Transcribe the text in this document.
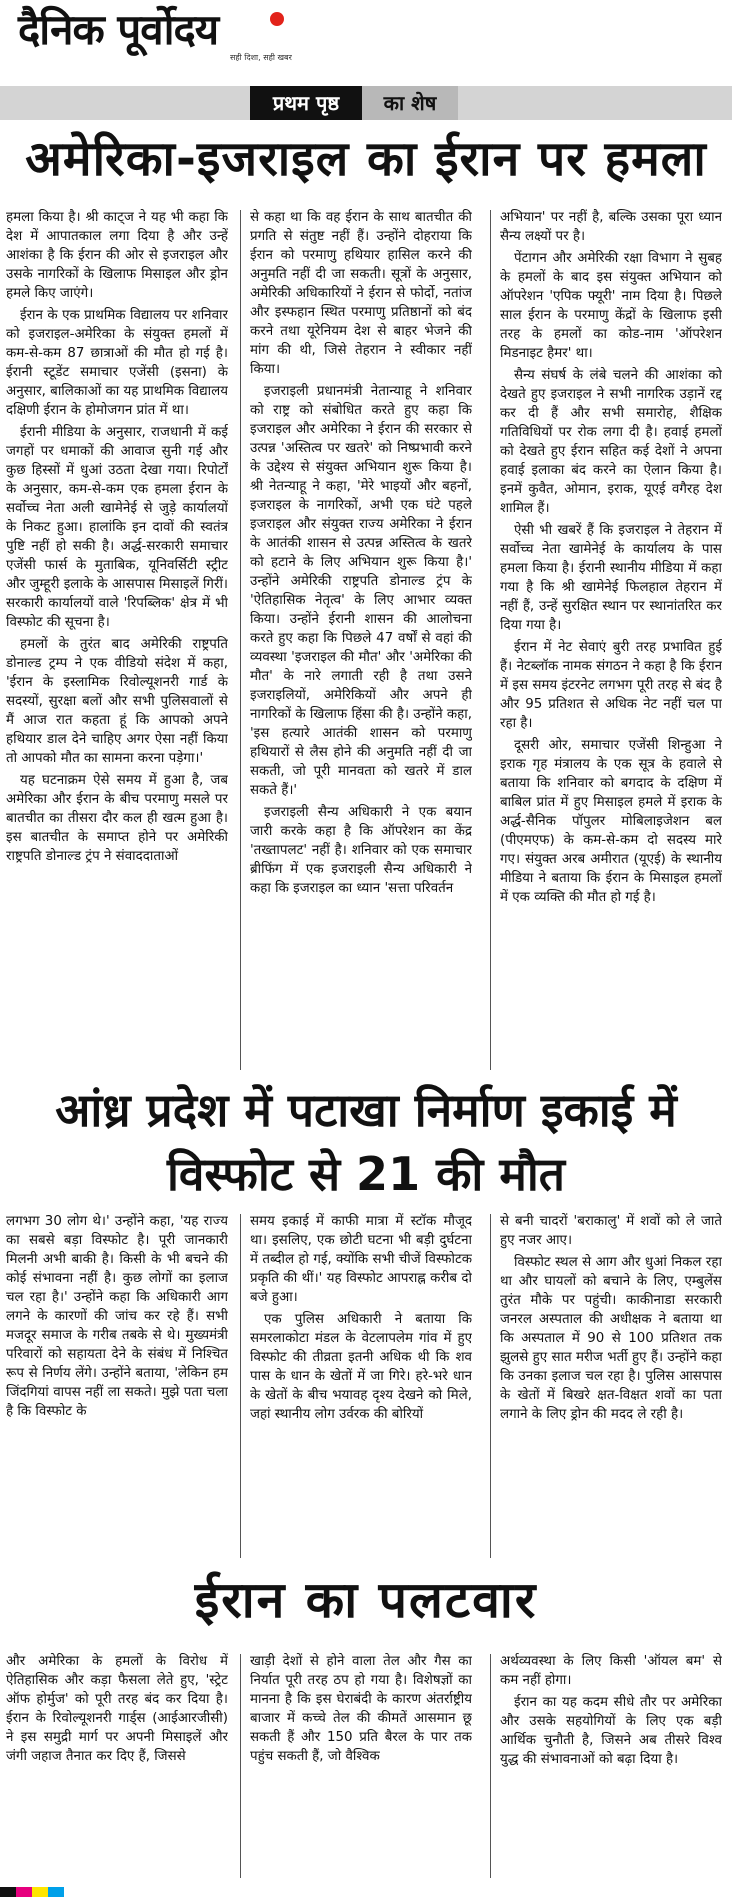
दैनिक पूर्वोदय
सही दिशा, सही खबर
प्रथम पृष्ठ	का शेष
अमेरिका-इजराइल का ईरान पर हमला

हमला किया है। श्री काट्ज ने यह भी कहा कि देश में आपातकाल लगा दिया है और उन्हें आशंका है कि ईरान की ओर से इजराइल और उसके नागरिकों के खिलाफ मिसाइल और ड्रोन हमले किए जाएंगे।

ईरान के एक प्राथमिक विद्यालय पर शनिवार को इजराइल-अमेरिका के संयुक्त हमलों में कम-से-कम 87 छात्राओं की मौत हो गई है। ईरानी स्टूडेंट समाचार एजेंसी (इसना) के अनुसार, बालिकाओं का यह प्राथमिक विद्यालय दक्षिणी ईरान के होमोजगन प्रांत में था।

ईरानी मीडिया के अनुसार, राजधानी में कई जगहों पर धमाकों की आवाज सुनी गई और कुछ हिस्सों में धुआं उठता देखा गया। रिपोर्टों के अनुसार, कम-से-कम एक हमला ईरान के सर्वोच्च नेता अली खामेनेई से जुड़े कार्यालयों के निकट हुआ। हालांकि इन दावों की स्वतंत्र पुष्टि नहीं हो सकी है। अर्द्ध-सरकारी समाचार एजेंसी फार्स के मुताबिक, यूनिवर्सिटी स्ट्रीट और जुम्हूरी इलाके के आसपास मिसाइलें गिरीं। सरकारी कार्यालयों वाले 'रिपब्लिक' क्षेत्र में भी विस्फोट की सूचना है।

हमलों के तुरंत बाद अमेरिकी राष्ट्रपति डोनाल्ड ट्रम्प ने एक वीडियो संदेश में कहा, 'ईरान के इस्लामिक रिवोल्यूशनरी गार्ड के सदस्यों, सुरक्षा बलों और सभी पुलिसवालों से मैं आज रात कहता हूं कि आपको अपने हथियार डाल देने चाहिए अगर ऐसा नहीं किया तो आपको मौत का सामना करना पड़ेगा।'

यह घटनाक्रम ऐसे समय में हुआ है, जब अमेरिका और ईरान के बीच परमाणु मसले पर बातचीत का तीसरा दौर कल ही खत्म हुआ है। इस बातचीत के समाप्त होने पर अमेरिकी राष्ट्रपति डोनाल्ड ट्रंप ने संवाददाताओं

से कहा था कि वह ईरान के साथ बातचीत की प्रगति से संतुष्ट नहीं हैं। उन्होंने दोहराया कि ईरान को परमाणु हथियार हासिल करने की अनुमति नहीं दी जा सकती। सूत्रों के अनुसार, अमेरिकी अधिकारियों ने ईरान से फोर्दो, नतांज और इस्फहान स्थित परमाणु प्रतिष्ठानों को बंद करने तथा यूरेनियम देश से बाहर भेजने की मांग की थी, जिसे तेहरान ने स्वीकार नहीं किया।

इजराइली प्रधानमंत्री नेतान्याहू ने शनिवार को राष्ट्र को संबोधित करते हुए कहा कि इजराइल और अमेरिका ने ईरान की सरकार से उत्पन्न 'अस्तित्व पर खतरे' को निष्प्रभावी करने के उद्देश्य से संयुक्त अभियान शुरू किया है। श्री नेतन्याहू ने कहा, 'मेरे भाइयों और बहनों, इजराइल के नागरिकों, अभी एक घंटे पहले इजराइल और संयुक्त राज्य अमेरिका ने ईरान के आतंकी शासन से उत्पन्न अस्तित्व के खतरे को हटाने के लिए अभियान शुरू किया है।' उन्होंने अमेरिकी राष्ट्रपति डोनाल्ड ट्रंप के 'ऐतिहासिक नेतृत्व' के लिए आभार व्यक्त किया। उन्होंने ईरानी शासन की आलोचना करते हुए कहा कि पिछले 47 वर्षों से वहां की व्यवस्था 'इजराइल की मौत' और 'अमेरिका की मौत' के नारे लगाती रही है तथा उसने इजराइलियों, अमेरिकियों और अपने ही नागरिकों के खिलाफ हिंसा की है। उन्होंने कहा, 'इस हत्यारे आतंकी शासन को परमाणु हथियारों से लैस होने की अनुमति नहीं दी जा सकती, जो पूरी मानवता को खतरे में डाल सकते हैं।'

इजराइली सैन्य अधिकारी ने एक बयान जारी करके कहा है कि ऑपरेशन का केंद्र 'तख्तापलट' नहीं है। शनिवार को एक समाचार ब्रीफिंग में एक इजराइली सैन्य अधिकारी ने कहा कि इजराइल का ध्यान 'सत्ता परिवर्तन

अभियान' पर नहीं है, बल्कि उसका पूरा ध्यान सैन्य लक्ष्यों पर है।

पेंटागन और अमेरिकी रक्षा विभाग ने सुबह के हमलों के बाद इस संयुक्त अभियान को ऑपरेशन 'एपिक फ्यूरी' नाम दिया है। पिछले साल ईरान के परमाणु केंद्रों के खिलाफ इसी तरह के हमलों का कोड-नाम 'ऑपरेशन मिडनाइट हैमर' था।

सैन्य संघर्ष के लंबे चलने की आशंका को देखते हुए इजराइल ने सभी नागरिक उड़ानें रद्द कर दी हैं और सभी समारोह, शैक्षिक गतिविधियों पर रोक लगा दी है। हवाई हमलों को देखते हुए ईरान सहित कई देशों ने अपना हवाई इलाका बंद करने का ऐलान किया है। इनमें कुवैत, ओमान, इराक, यूएई वगैरह देश शामिल हैं।

ऐसी भी खबरें हैं कि इजराइल ने तेहरान में सर्वोच्च नेता खामेनेई के कार्यालय के पास हमला किया है। ईरानी स्थानीय मीडिया में कहा गया है कि श्री खामेनेई फिलहाल तेहरान में नहीं हैं, उन्हें सुरक्षित स्थान पर स्थानांतरित कर दिया गया है।

ईरान में नेट सेवाएं बुरी तरह प्रभावित हुई हैं। नेटब्लॉक नामक संगठन ने कहा है कि ईरान में इस समय इंटरनेट लगभग पूरी तरह से बंद है और 95 प्रतिशत से अधिक नेट नहीं चल पा रहा है।

दूसरी ओर, समाचार एजेंसी शिन्हुआ ने इराक गृह मंत्रालय के एक सूत्र के हवाले से बताया कि शनिवार को बगदाद के दक्षिण में बाबिल प्रांत में हुए मिसाइल हमले में इराक के अर्द्ध-सैनिक पॉपुलर मोबिलाइजेशन बल (पीएमएफ) के कम-से-कम दो सदस्य मारे गए। संयुक्त अरब अमीरात (यूएई) के स्थानीय मीडिया ने बताया कि ईरान के मिसाइल हमलों में एक व्यक्ति की मौत हो गई है।

आंध्र प्रदेश में पटाखा निर्माण इकाई में
विस्फोट से 21 की मौत

लगभग 30 लोग थे।' उन्होंने कहा, 'यह राज्य का सबसे बड़ा विस्फोट है। पूरी जानकारी मिलनी अभी बाकी है। किसी के भी बचने की कोई संभावना नहीं है। कुछ लोगों का इलाज चल रहा है।' उन्होंने कहा कि अधिकारी आग लगने के कारणों की जांच कर रहे हैं। सभी मजदूर समाज के गरीब तबके से थे। मुख्यमंत्री परिवारों को सहायता देने के संबंध में निश्चित रूप से निर्णय लेंगे। उन्होंने बताया, 'लेकिन हम जिंदगियां वापस नहीं ला सकते। मुझे पता चला है कि विस्फोट के

समय इकाई में काफी मात्रा में स्टॉक मौजूद था। इसलिए, एक छोटी घटना भी बड़ी दुर्घटना में तब्दील हो गई, क्योंकि सभी चीजें विस्फोटक प्रकृति की थीं।' यह विस्फोट आपराह्न करीब दो बजे हुआ।

एक पुलिस अधिकारी ने बताया कि समरलाकोटा मंडल के वेटलापलेम गांव में हुए विस्फोट की तीव्रता इतनी अधिक थी कि शव पास के धान के खेतों में जा गिरे। हरे-भरे धान के खेतों के बीच भयावह दृश्य देखने को मिले, जहां स्थानीय लोग उर्वरक की बोरियों

से बनी चादरों 'बराकालु' में शवों को ले जाते हुए नजर आए।

विस्फोट स्थल से आग और धुआं निकल रहा था और घायलों को बचाने के लिए, एम्बुलेंस तुरंत मौके पर पहुंची। काकीनाडा सरकारी जनरल अस्पताल की अधीक्षक ने बताया था कि अस्पताल में 90 से 100 प्रतिशत तक झुलसे हुए सात मरीज भर्ती हुए हैं। उन्होंने कहा कि उनका इलाज चल रहा है। पुलिस आसपास के खेतों में बिखरे क्षत-विक्षत शवों का पता लगाने के लिए ड्रोन की मदद ले रही है।

ईरान का पलटवार

और अमेरिका के हमलों के विरोध में ऐतिहासिक और कड़ा फैसला लेते हुए, 'स्ट्रेट ऑफ होर्मुज' को पूरी तरह बंद कर दिया है। ईरान के रिवोल्यूशनरी गार्ड्स (आईआरजीसी) ने इस समुद्री मार्ग पर अपनी मिसाइलें और जंगी जहाज तैनात कर दिए हैं, जिससे

खाड़ी देशों से होने वाला तेल और गैस का निर्यात पूरी तरह ठप हो गया है। विशेषज्ञों का मानना है कि इस घेराबंदी के कारण अंतर्राष्ट्रीय बाजार में कच्चे तेल की कीमतें आसमान छू सकती हैं और 150 प्रति बैरल के पार तक पहुंच सकती हैं, जो वैश्विक

अर्थव्यवस्था के लिए किसी 'ऑयल बम' से कम नहीं होगा।

ईरान का यह कदम सीधे तौर पर अमेरिका और उसके सहयोगियों के लिए एक बड़ी आर्थिक चुनौती है, जिसने अब तीसरे विश्व युद्ध की संभावनाओं को बढ़ा दिया है।
